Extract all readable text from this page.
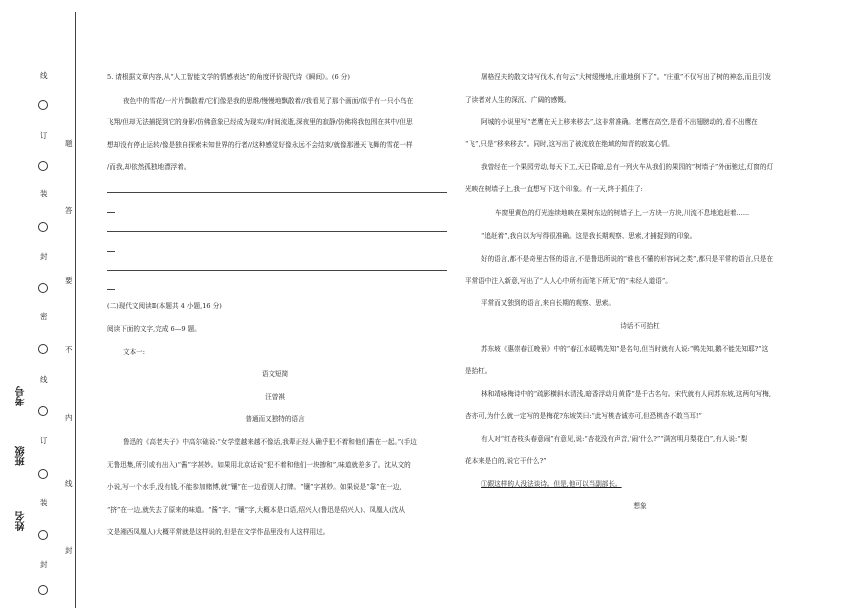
线
订
装
封
密
线
订
装
封
题
答
要
不
内
线
封
考号
班级
姓名

5. 请根据文章内容,从“人工智能文学的情感表达”的角度评价现代诗《瞬间》。(6 分)

夜色中的雪花/一片片飘散着/它们像是我的思维/慢慢地飘散着//我看见了那个画面/似乎有一只小鸟在

飞翔/但却无法捕捉到它的身影/仿佛意象已经成为现实//时间流逝,深夜里的寂静/仿佛将我包围在其中/但思

想却没有停止运转/像是独自探索未知世界的行者//这种感觉好像永远不会结束/就像那漫天飞舞的雪花一样

/而我,却依然孤独地漂浮着。

(二)现代文阅读Ⅱ(本题共 4 小题,16 分)

阅读下面的文字,完成 6—9 题。

文本一:

语文短简

汪曾祺

普通而又独特的语言

鲁迅的《高老夫子》中高尔础说:“女学堂越来越不像话,我辈正经人确乎犯不着和他们酱在一起。”(手边

无鲁迅集,所引或有出入)“酱”字甚妙。如果用北京话说“犯不着和他们一块掺和”,味道就差多了。沈从文的

小说,写一个水手,没有钱,不能参加赌博,就“镶”在一边看别人打牌。“镶”字甚妙。如果说是“靠”在一边,

“挤”在一边,就失去了原来的味道。“酱”字、“镶”字,大概本是口语,绍兴人(鲁迅是绍兴人)、凤凰人(沈从

文是湘西凤凰人)大概平常就是这样说的,但是在文学作品里没有人这样用过。

屠格涅夫的散文诗写伐木,有句云“大树缓慢地,庄重地倒下了”。“庄重”不仅写出了树的神态,而且引发

了读者对人生的深沉、广阔的感慨。

阿城的小说里写“老鹰在天上移来移去”,这非常准确。老鹰在高空,是看不出翅膀动的,看不出鹰在

“飞”,只是“移来移去”。同时,这写出了被流放在绝域的知青的寂寞心情。

我曾经在一个果园劳动,每天下工,天已昏暗,总有一列火车从我们的果园的“树墙子”外面驰过,灯窗的灯

光映在树墙子上,我一直想写下这个印象。有一天,终于抓住了:

车窗里黄色的灯光连续地映在果树东边的树墙子上,一方块一方块,川流不息地追赶着......

“追赶着”,我自以为写得很准确。这是我长期观察、思索,才捕捉到的印象。

好的语言,都不是奇里古怪的语言,不是鲁迅所说的“谁也不懂的形容词之类”,都只是平常的语言,只是在

平常语中注入新意,写出了“人人心中所有而笔下所无”的“未经人道语”。

平常而又独到的语言,来自长期的观察、思索。

诗话不可抬杠

苏东坡《惠崇春江晚景》中的“春江水暖鸭先知”是名句,但当时就有人说:“鸭先知,鹅不能先知耶?”这

是抬杠。

林和靖咏梅诗中的“疏影横斜水清浅,暗香浮动月黄昏”是千古名句。宋代就有人问苏东坡,这两句写梅,

杏亦可,为什么就一定写的是梅花?东坡笑曰:“此写桃杏诚亦可,但恐桃杏不敢当耳!”

有人对“红杏枝头春意闹”有意见,说:“杏花没有声音,‘闹’什么?”“满宫明月梨花白”,有人说:“梨

花本来是白的,说它干什么?”

①跟这样的人没法谈诗。但是,他可以当副部长。

想象
